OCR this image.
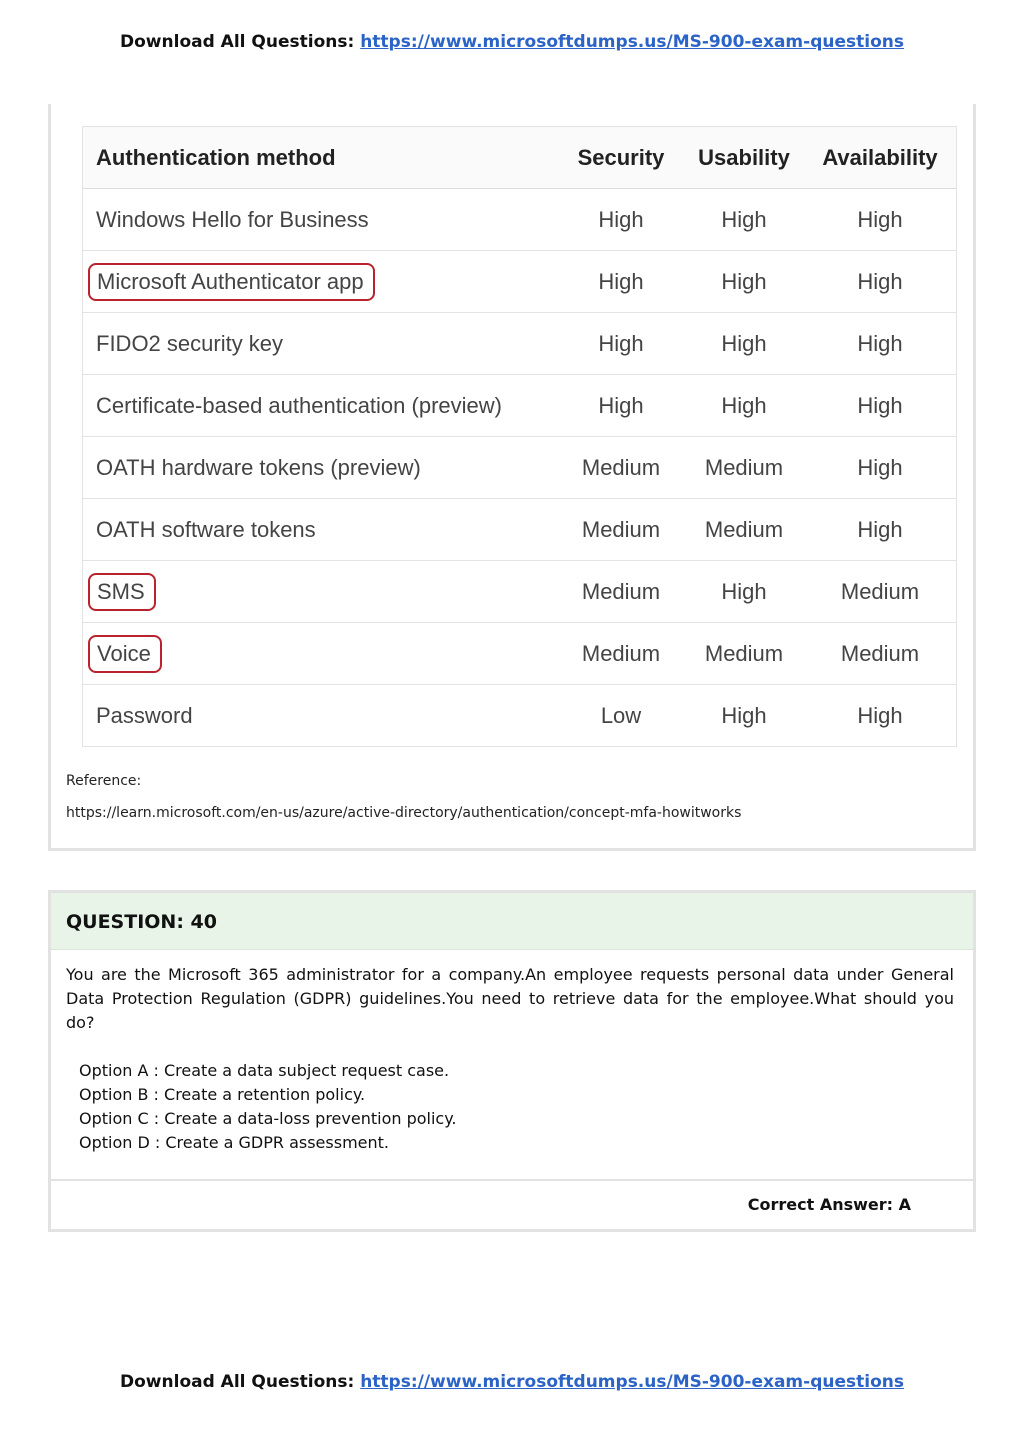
Download All Questions: https://www.microsoftdumps.us/MS-900-exam-questions
Authentication method	Security	Usability	Availability
Windows Hello for Business	High	High	High
Microsoft Authenticator app	High	High	High
FIDO2 security key	High	High	High
Certificate-based authentication (preview)	High	High	High
OATH hardware tokens (preview)	Medium	Medium	High
OATH software tokens	Medium	Medium	High
SMS	Medium	High	Medium
Voice	Medium	Medium	Medium
Password	Low	High	High
Reference:
https://learn.microsoft.com/en-us/azure/active-directory/authentication/concept-mfa-howitworks
QUESTION: 40
You are the Microsoft 365 administrator for a company.An employee requests personal data under General Data Protection Regulation (GDPR) guidelines.You need to retrieve data for the employee.What should you do?
Option A : Create a data subject request case.
Option B : Create a retention policy.
Option C : Create a data-loss prevention policy.
Option D : Create a GDPR assessment.
Correct Answer: A
Download All Questions: https://www.microsoftdumps.us/MS-900-exam-questions
